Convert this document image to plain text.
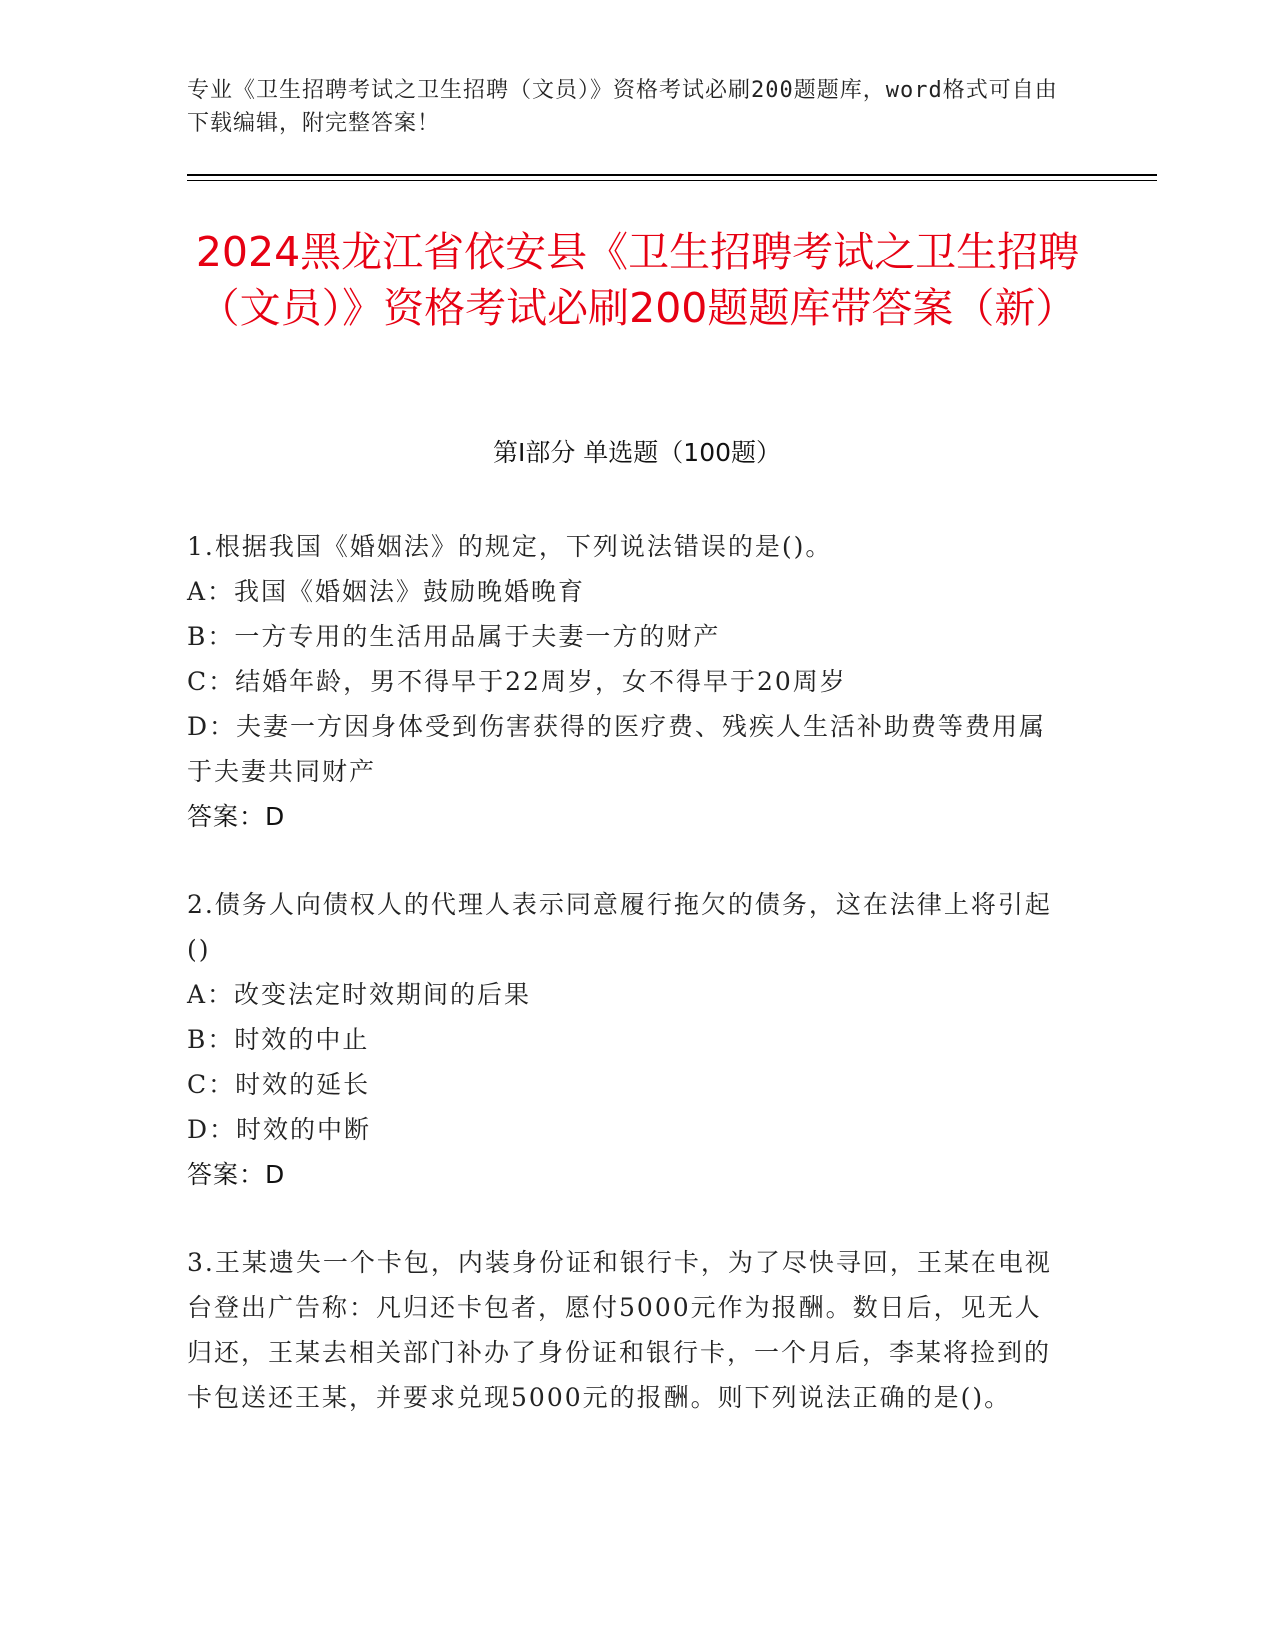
专业《卫生招聘考试之卫生招聘（文员）》资格考试必刷200题题库，word格式可自由下载编辑，附完整答案！
2024黑龙江省依安县《卫生招聘考试之卫生招聘（文员）》资格考试必刷200题题库带答案（新）
第I部分 单选题（100题）
1.根据我国《婚姻法》的规定，下列说法错误的是()。
A：我国《婚姻法》鼓励晚婚晚育
B：一方专用的生活用品属于夫妻一方的财产
C：结婚年龄，男不得早于22周岁，女不得早于20周岁
D：夫妻一方因身体受到伤害获得的医疗费、残疾人生活补助费等费用属于夫妻共同财产
答案：D
2.债务人向债权人的代理人表示同意履行拖欠的债务，这在法律上将引起()
A：改变法定时效期间的后果
B：时效的中止
C：时效的延长
D：时效的中断
答案：D
3.王某遗失一个卡包，内装身份证和银行卡，为了尽快寻回，王某在电视台登出广告称：凡归还卡包者，愿付5000元作为报酬。数日后，见无人归还，王某去相关部门补办了身份证和银行卡，一个月后，李某将捡到的卡包送还王某，并要求兑现5000元的报酬。则下列说法正确的是()。
